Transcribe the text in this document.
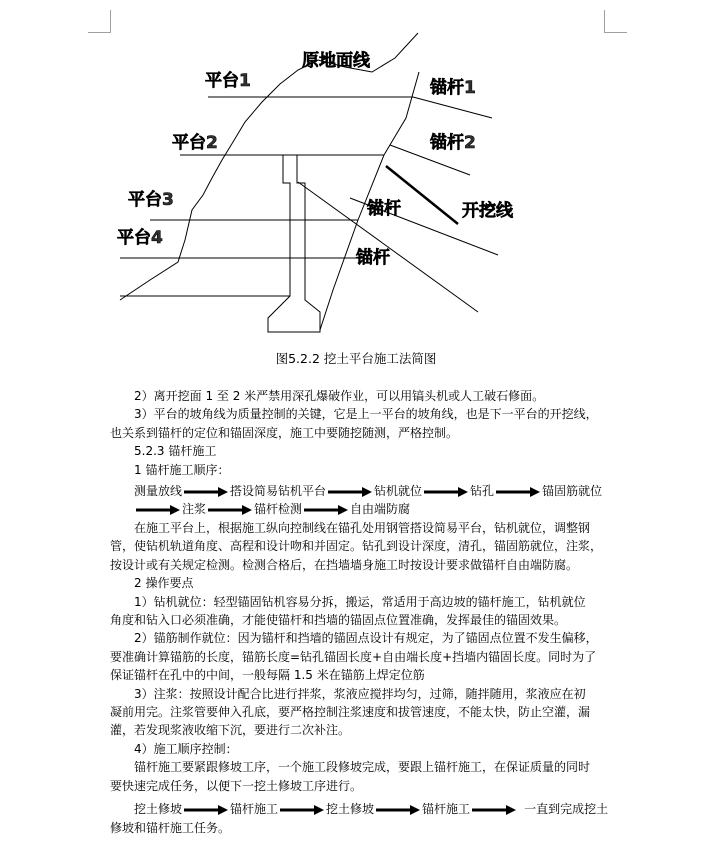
原地面线
平台1
平台2
平台3
平台4
锚杆1
锚杆2
锚杆
锚杆
开挖线
图5.2.2 挖土平台施工法简图

2）离开挖面 1 至 2 米严禁用深孔爆破作业，可以用镐头机或人工破石修面。

3）平台的坡角线为质量控制的关键，它是上一平台的坡角线，也是下一平台的开挖线，

也关系到锚杆的定位和锚固深度，施工中要随挖随测，严格控制。

5.2.3 锚杆施工

1 锚杆施工顺序：

测量放线	搭设简易钻机平台	钻机就位	钻孔	锚固筋就位
注浆	锚杆检测	自由端防腐

在施工平台上，根据施工纵向控制线在锚孔处用钢管搭设简易平台，钻机就位，调整钢

管，使钻机轨道角度、高程和设计吻和并固定。钻孔到设计深度，清孔，锚固筋就位，注浆，

按设计或有关规定检测。检测合格后，在挡墙墙身施工时按设计要求做锚杆自由端防腐。

2 操作要点

1）钻机就位：轻型锚固钻机容易分拆，搬运，常适用于高边坡的锚杆施工，钻机就位

角度和钻入口必须准确，才能使锚杆和挡墙的锚固点位置准确，发挥最佳的锚固效果。

2）锚筋制作就位：因为锚杆和挡墙的锚固点设计有规定，为了锚固点位置不发生偏移，

要准确计算锚筋的长度，锚筋长度=钻孔锚固长度+自由端长度+挡墙内锚固长度。同时为了

保证锚杆在孔中的中间，一般每隔 1.5 米在锚筋上焊定位筋

3）注浆：按照设计配合比进行拌浆，浆液应搅拌均匀，过筛，随拌随用，浆液应在初

凝前用完。注浆管要伸入孔底，要严格控制注浆速度和拔管速度，不能太快，防止空灌，漏

灌，若发现浆液收缩下沉，要进行二次补注。

4）施工顺序控制：

锚杆施工要紧跟修坡工序，一个施工段修坡完成，要跟上锚杆施工，在保证质量的同时

要快速完成任务，以便下一挖土修坡工序进行。

挖土修坡	锚杆施工	挖土修坡	锚杆施工	一直到完成挖土

修坡和锚杆施工任务。
